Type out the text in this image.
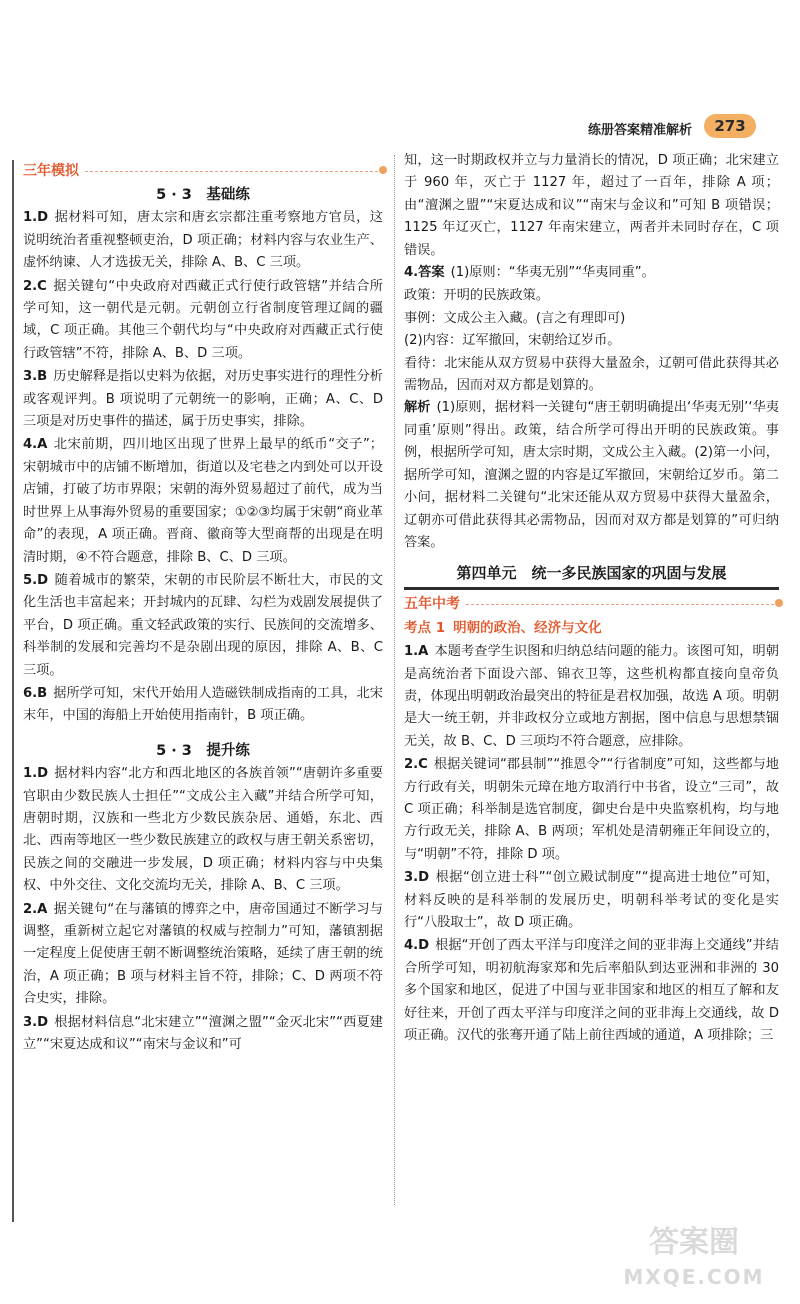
练册答案精准解析	273
三年模拟
5 · 3　基础练
1.D 据材料可知，唐太宗和唐玄宗都注重考察地方官员，这说明统治者重视整顿吏治，D 项正确；材料内容与农业生产、虚怀纳谏、人才选拔无关，排除 A、B、C 三项。
2.C 据关键句“中央政府对西藏正式行使行政管辖”并结合所学可知，这一朝代是元朝。元朝创立行省制度管理辽阔的疆域，C 项正确。其他三个朝代均与“中央政府对西藏正式行使行政管辖”不符，排除 A、B、D 三项。
3.B 历史解释是指以史料为依据，对历史事实进行的理性分析或客观评判。B 项说明了元朝统一的影响，正确；A、C、D 三项是对历史事件的描述，属于历史事实，排除。
4.A 北宋前期，四川地区出现了世界上最早的纸币“交子”；宋朝城市中的店铺不断增加，街道以及宅巷之内到处可以开设店铺，打破了坊市界限；宋朝的海外贸易超过了前代，成为当时世界上从事海外贸易的重要国家；①②③均属于宋朝“商业革命”的表现，A 项正确。晋商、徽商等大型商帮的出现是在明清时期，④不符合题意，排除 B、C、D 三项。
5.D 随着城市的繁荣，宋朝的市民阶层不断壮大，市民的文化生活也丰富起来；开封城内的瓦肆、勾栏为戏剧发展提供了平台，D 项正确。重文轻武政策的实行、民族间的交流增多、科举制的发展和完善均不是杂剧出现的原因，排除 A、B、C 三项。
6.B 据所学可知，宋代开始用人造磁铁制成指南的工具，北宋末年，中国的海船上开始使用指南针，B 项正确。
5 · 3　提升练
1.D 据材料内容“北方和西北地区的各族首领”“唐朝许多重要官职由少数民族人士担任”“文成公主入藏”并结合所学可知，唐朝时期，汉族和一些北方少数民族杂居、通婚，东北、西北、西南等地区一些少数民族建立的政权与唐王朝关系密切，民族之间的交融进一步发展，D 项正确；材料内容与中央集权、中外交往、文化交流均无关，排除 A、B、C 三项。
2.A 据关键句“在与藩镇的博弈之中，唐帝国通过不断学习与调整，重新树立起它对藩镇的权威与控制力”可知，藩镇割据一定程度上促使唐王朝不断调整统治策略，延续了唐王朝的统治，A 项正确；B 项与材料主旨不符，排除；C、D 两项不符合史实，排除。
3.D 根据材料信息“北宋建立”“澶渊之盟”“金灭北宋”“西夏建立”“宋夏达成和议”“南宋与金议和”可

知，这一时期政权并立与力量消长的情况，D 项正确；北宋建立于 960 年，灭亡于 1127 年，超过了一百年，排除 A 项；由“澶渊之盟”“宋夏达成和议”“南宋与金议和”可知 B 项错误；1125 年辽灭亡，1127 年南宋建立，两者并未同时存在，C 项错误。

4.答案 (1)原则：“华夷无别”“华夷同重”。

政策：开明的民族政策。

事例：文成公主入藏。(言之有理即可)

(2)内容：辽军撤回，宋朝给辽岁币。

看待：北宋能从双方贸易中获得大量盈余，辽朝可借此获得其必需物品，因而对双方都是划算的。

解析 (1)原则，据材料一关键句“唐王朝明确提出‘华夷无别’‘华夷同重’原则”得出。政策，结合所学可得出开明的民族政策。事例，根据所学可知，唐太宗时期，文成公主入藏。(2)第一小问，据所学可知，澶渊之盟的内容是辽军撤回，宋朝给辽岁币。第二小问，据材料二关键句“北宋还能从双方贸易中获得大量盈余，辽朝亦可借此获得其必需物品，因而对双方都是划算的”可归纳答案。
第四单元　统一多民族国家的巩固与发展
五年中考
考点 1 明朝的政治、经济与文化
1.A 本题考查学生识图和归纳总结问题的能力。该图可知，明朝是高统治者下面设六部、锦衣卫等，这些机构都直接向皇帝负责，体现出明朝政治最突出的特征是君权加强，故选 A 项。明朝是大一统王朝，并非政权分立或地方割据，图中信息与思想禁锢无关，故 B、C、D 三项均不符合题意，应排除。
2.C 根据关键词“郡县制”“推恩令”“行省制度”可知，这些都与地方行政有关，明朝朱元璋在地方取消行中书省，设立“三司”，故 C 项正确；科举制是选官制度，御史台是中央监察机构，均与地方行政无关，排除 A、B 两项；军机处是清朝雍正年间设立的，与“明朝”不符，排除 D 项。
3.D 根据“创立进士科”“创立殿试制度”“提高进士地位”可知，材料反映的是科举制的发展历史，明朝科举考试的变化是实行“八股取士”，故 D 项正确。
4.D 根据“开创了西太平洋与印度洋之间的亚非海上交通线”并结合所学可知，明初航海家郑和先后率船队到达亚洲和非洲的 30 多个国家和地区，促进了中国与亚非国家和地区的相互了解和友好往来，开创了西太平洋与印度洋之间的亚非海上交通线，故 D 项正确。汉代的张骞开通了陆上前往西域的通道，A 项排除；三
答案圈
MXQE.COM
